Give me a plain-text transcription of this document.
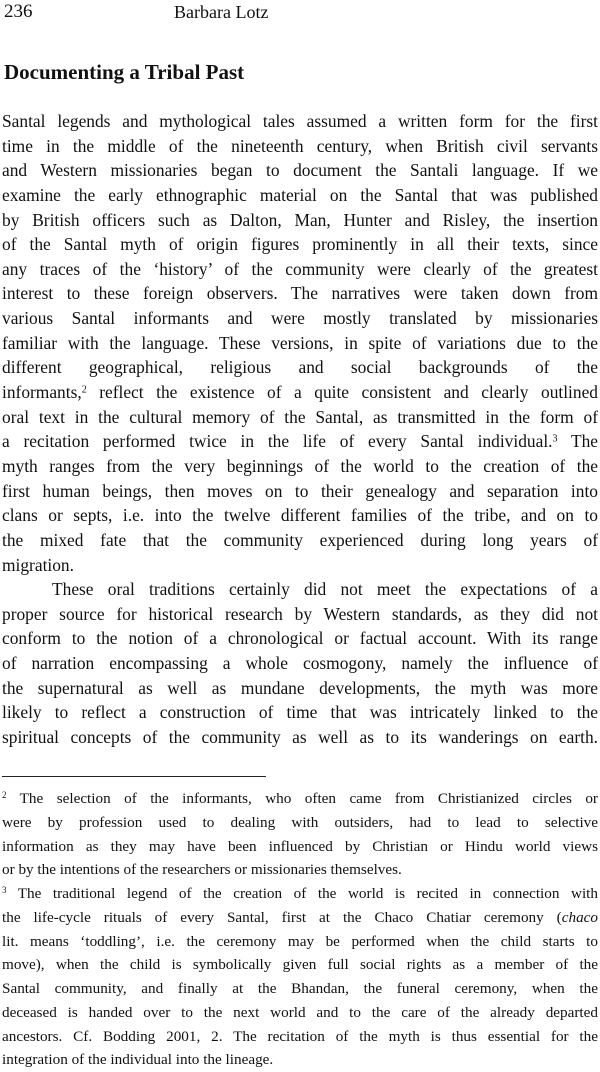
236	Barbara Lotz
Documenting a Tribal Past
Santal legends and mythological tales assumed a written form for the first
time in the middle of the nineteenth century, when British civil servants
and Western missionaries began to document the Santali language. If we
examine the early ethnographic material on the Santal that was published
by British officers such as Dalton, Man, Hunter and Risley, the insertion
of the Santal myth of origin figures prominently in all their texts, since
any traces of the ‘history’ of the community were clearly of the greatest
interest to these foreign observers. The narratives were taken down from
various Santal informants and were mostly translated by missionaries
familiar with the language. These versions, in spite of variations due to the
different geographical, religious and social backgrounds of the
informants,$^2$ reflect the existence of a quite consistent and clearly outlined
oral text in the cultural memory of the Santal, as transmitted in the form of
a recitation performed twice in the life of every Santal individual.$^3$ The
myth ranges from the very beginnings of the world to the creation of the
first human beings, then moves on to their genealogy and separation into
clans or septs, i.e. into the twelve different families of the tribe, and on to
the mixed fate that the community experienced during long years of
migration.
These oral traditions certainly did not meet the expectations of a
proper source for historical research by Western standards, as they did not
conform to the notion of a chronological or factual account. With its range
of narration encompassing a whole cosmogony, namely the influence of
the supernatural as well as mundane developments, the myth was more
likely to reflect a construction of time that was intricately linked to the
spiritual concepts of the community as well as to its wanderings on earth.
$^2$ The selection of the informants, who often came from Christianized circles or
were by profession used to dealing with outsiders, had to lead to selective
information as they may have been influenced by Christian or Hindu world views
or by the intentions of the researchers or missionaries themselves.
$^3$ The traditional legend of the creation of the world is recited in connection with
the life-cycle rituals of every Santal, first at the Chaco Chatiar ceremony (chaco
lit. means ‘toddling’, i.e. the ceremony may be performed when the child starts to
move), when the child is symbolically given full social rights as a member of the
Santal community, and finally at the Bhandan, the funeral ceremony, when the
deceased is handed over to the next world and to the care of the already departed
ancestors. Cf. Bodding 2001, 2. The recitation of the myth is thus essential for the
integration of the individual into the lineage.
